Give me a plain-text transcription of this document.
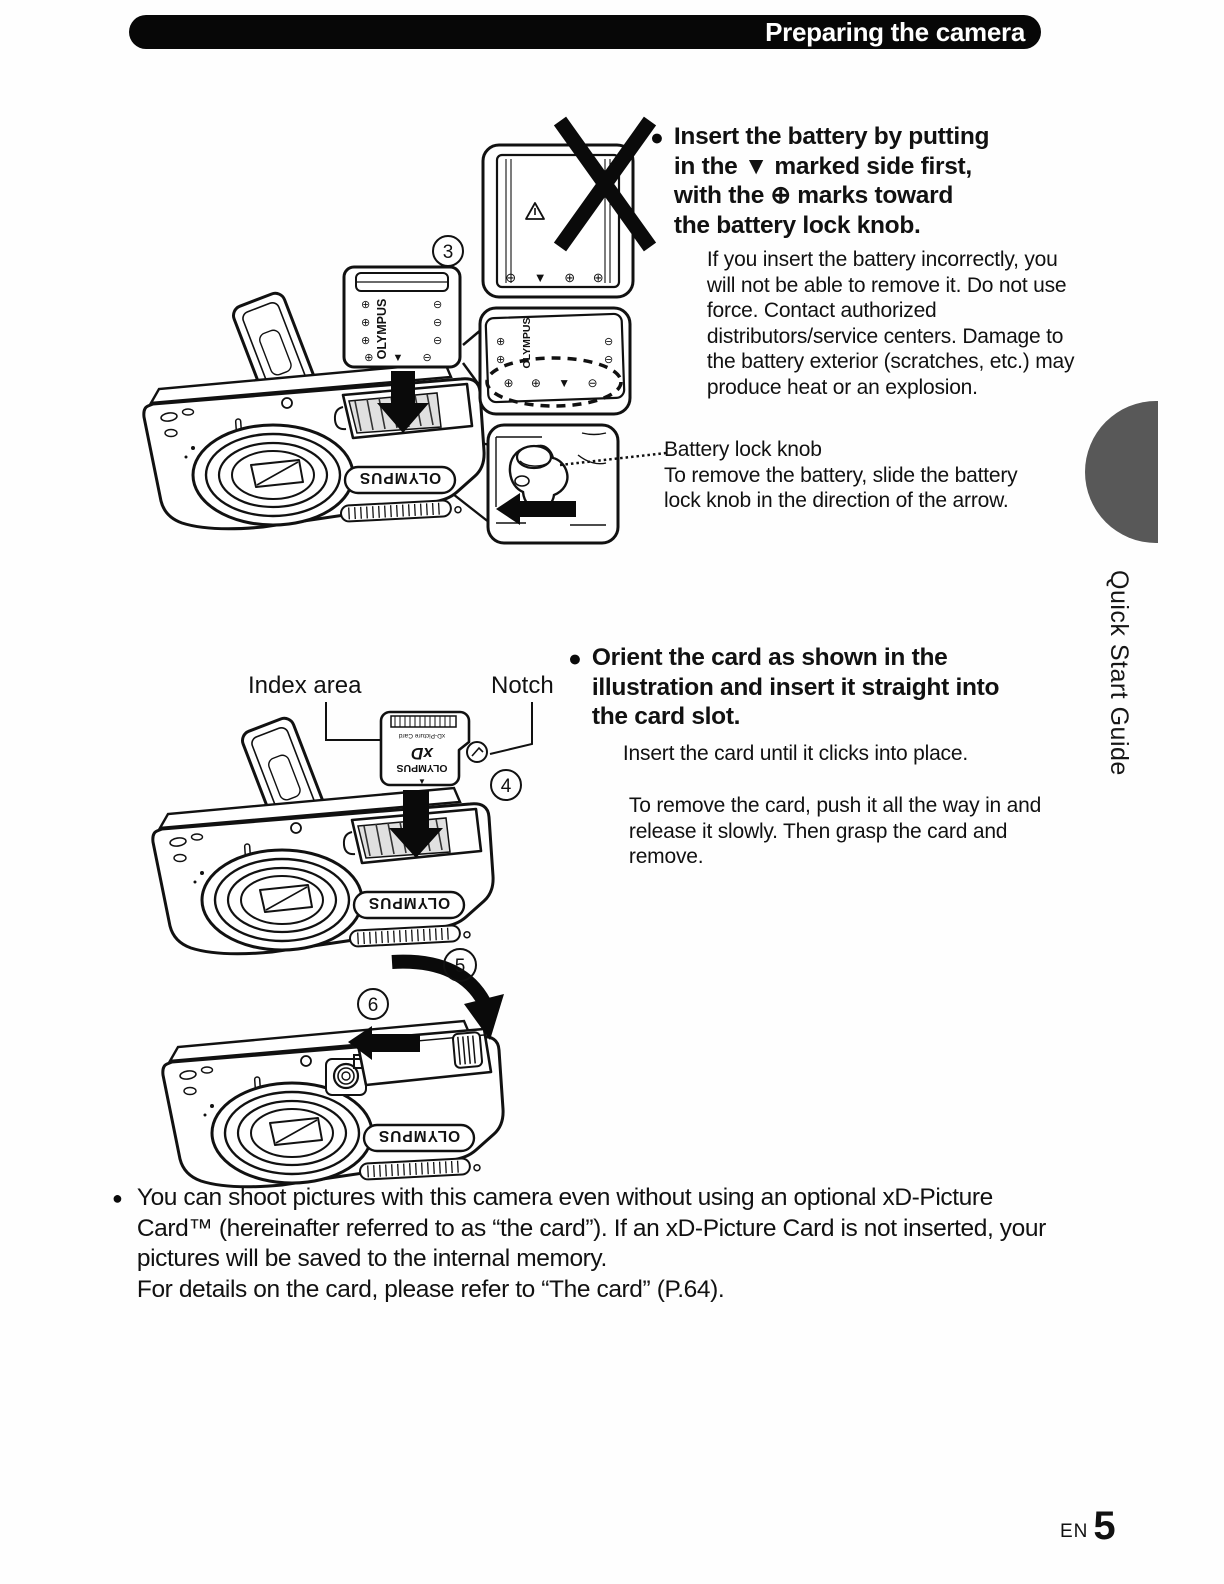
Preparing the camera
OLYMPUS
⊕
⊕
⊕
⊖
⊖
⊖
⊕ ▼ ⊖
3
⊖ ▼ ⊕ ⊕
OLYMPUS
⊕
⊕
⊖
⊖
⊕ ⊕ ▼ ⊖
● Insert the battery by putting
in the ▼ marked side first,
with the ⊕ marks toward
the battery lock knob.
If you insert the battery incorrectly, you will not be able to remove it. Do not use force. Contact authorized distributors/service centers. Damage to the battery exterior (scratches, etc.) may produce heat or an explosion.
Battery lock knob
To remove the battery, slide the battery lock knob in the direction of the arrow.
Index area	Notch
xD-Picture Card
xD
OLYMPUS
▼	4
● Orient the card as shown in the
illustration and insert it straight into
the card slot.
Insert the card until it clicks into place.
To remove the card, push it all the way in and release it slowly. Then grasp the card and remove.
5
6
● You can shoot pictures with this camera even without using an optional xD-Picture Card™ (hereinafter referred to as “the card”). If an xD-Picture Card is not inserted, your pictures will be saved to the internal memory.
For details on the card, please refer to “The card” (P.64).
Quick Start Guide
EN 5
